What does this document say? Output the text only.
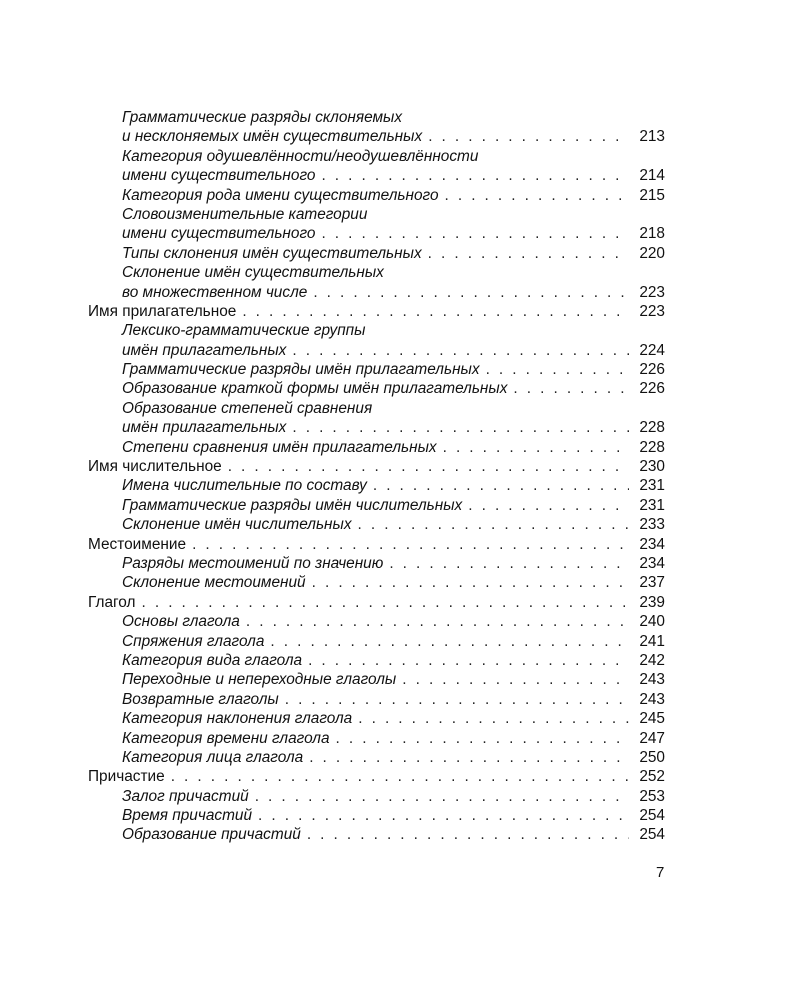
Грамматические разряды склоняемых
и несклоняемых имён существительных . . .	213
Категория одушевлённости/неодушевлённости
имени существительного . . .	214
Категория рода имени существительного . . .	215
Словоизменительные категории
имени существительного . . .	218
Типы склонения имён существительных . . .	220
Склонение имён существительных
во множественном числе . . .	223
Имя прилагательное . . .	223
Лексико-грамматические группы
имён прилагательных . . .	224
Грамматические разряды имён прилагательных . . .	226
Образование краткой формы имён прилагательных . . .	226
Образование степеней сравнения
имён прилагательных . . .	228
Степени сравнения имён прилагательных . . .	228
Имя числительное . . .	230
Имена числительные по составу . . .	231
Грамматические разряды имён числительных . . .	231
Склонение имён числительных . . .	233
Местоимение . . .	234
Разряды местоимений по значению . . .	234
Склонение местоимений . . .	237
Глагол . . .	239
Основы глагола . . .	240
Спряжения глагола . . .	241
Категория вида глагола . . .	242
Переходные и непереходные глаголы . . .	243
Возвратные глаголы . . .	243
Категория наклонения глагола . . .	245
Категория времени глагола . . .	247
Категория лица глагола . . .	250
Причастие . . .	252
Залог причастий . . .	253
Время причастий . . .	254
Образование причастий . . .	254
7
